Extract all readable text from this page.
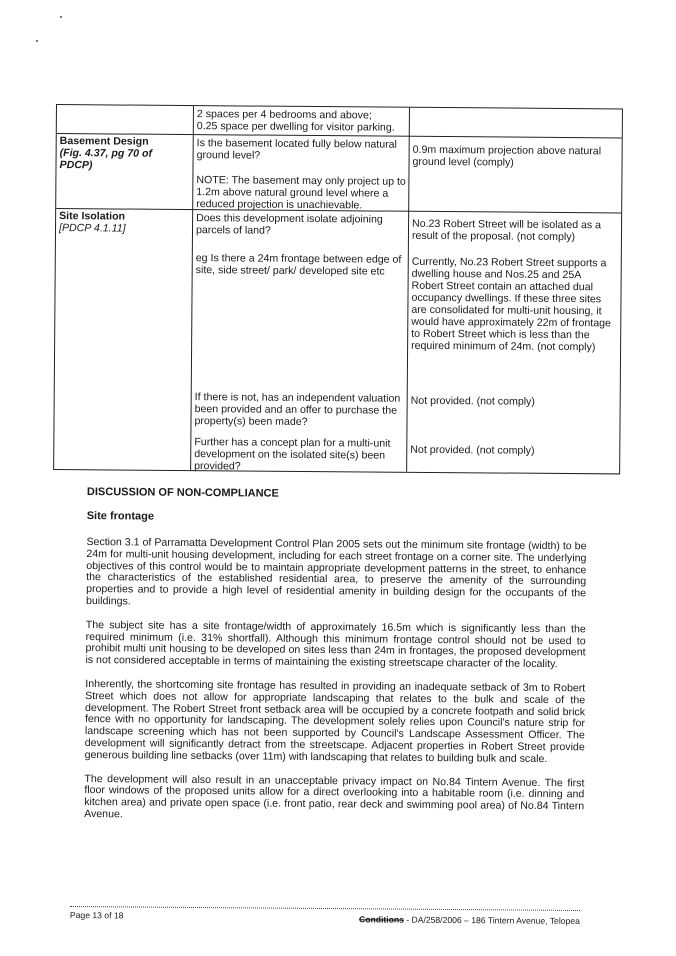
2 spaces per 4 bedrooms and above;
0.25 space per dwelling for visitor parking.
Basement Design
(Fig. 4.37, pg 70 of PDCP)
Is the basement located fully below natural ground level?
NOTE: The basement may only project up to 1.2m above natural ground level where a reduced projection is unachievable.
0.9m maximum projection above natural ground level (comply)
Site Isolation
[PDCP 4.1.11]
Does this development isolate adjoining parcels of land?	No.23 Robert Street will be isolated as a result of the proposal. (not comply)
eg Is there a 24m frontage between edge of site, side street/ park/ developed site etc
Currently, No.23 Robert Street supports a dwelling house and Nos.25 and 25A Robert Street contain an attached dual occupancy dwellings. If these three sites are consolidated for multi-unit housing, it would have approximately 22m of frontage to Robert Street which is less than the required minimum of 24m. (not comply)
If there is not, has an independent valuation been provided and an offer to purchase the property(s) been made?
Not provided. (not comply)
Further has a concept plan for a multi-unit development on the isolated site(s) been provided?
Not provided. (not comply)

DISCUSSION OF NON-COMPLIANCE

Site frontage

Section 3.1 of Parramatta Development Control Plan 2005 sets out the minimum site frontage (width) to be 24m for multi-unit housing development, including for each street frontage on a corner site. The underlying objectives of this control would be to maintain appropriate development patterns in the street, to enhance the characteristics of the established residential area, to preserve the amenity of the surrounding properties and to provide a high level of residential amenity in building design for the occupants of the buildings.

The subject site has a site frontage/width of approximately 16.5m which is significantly less than the required minimum (i.e. 31% shortfall). Although this minimum frontage control should not be used to prohibit multi unit housing to be developed on sites less than 24m in frontages, the proposed development is not considered acceptable in terms of maintaining the existing streetscape character of the locality.

Inherently, the shortcoming site frontage has resulted in providing an inadequate setback of 3m to Robert Street which does not allow for appropriate landscaping that relates to the bulk and scale of the development. The Robert Street front setback area will be occupied by a concrete footpath and solid brick fence with no opportunity for landscaping. The development solely relies upon Council's nature strip for landscape screening which has not been supported by Council's Landscape Assessment Officer. The development will significantly detract from the streetscape. Adjacent properties in Robert Street provide generous building line setbacks (over 11m) with landscaping that relates to building bulk and scale.

The development will also result in an unacceptable privacy impact on No.84 Tintern Avenue. The first floor windows of the proposed units allow for a direct overlooking into a habitable room (i.e. dinning and kitchen area) and private open space (i.e. front patio, rear deck and swimming pool area) of No.84 Tintern Avenue.

Page 13 of 18	Conditions - DA/258/2006 – 186 Tintern Avenue, Telopea
